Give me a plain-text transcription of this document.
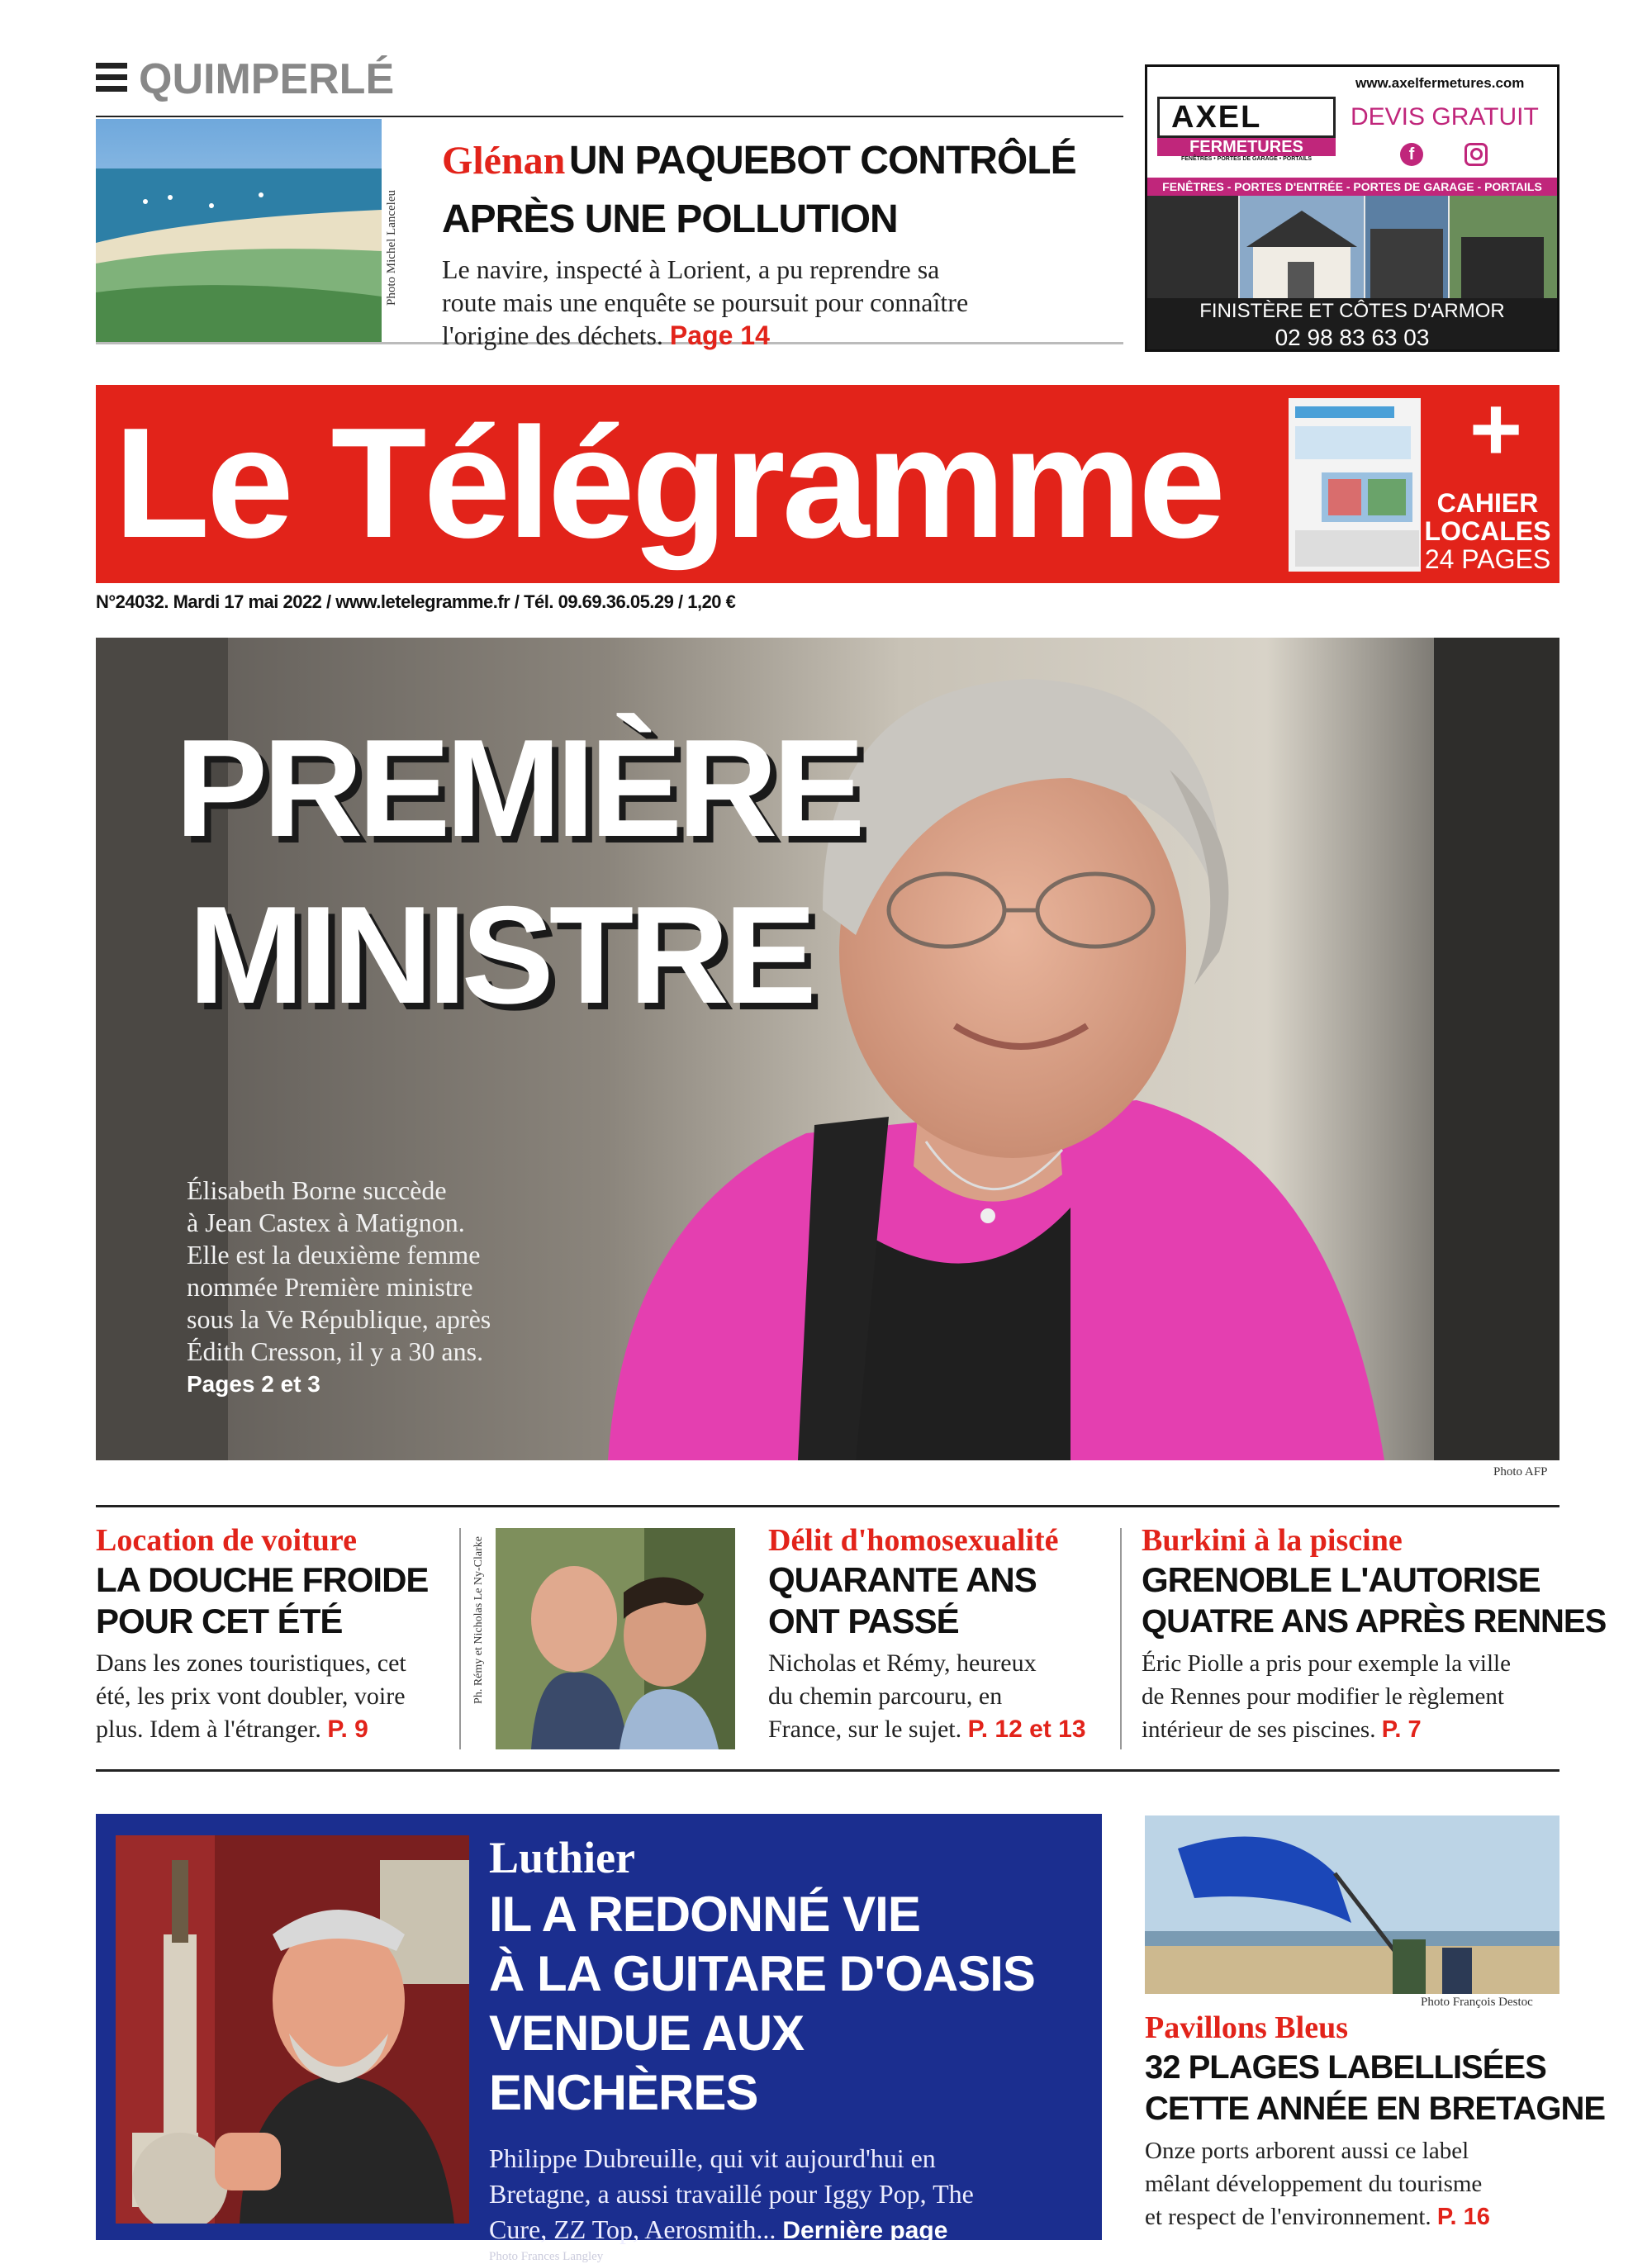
QUIMPERLÉ
Photo Michel Lanceleu
Glénan UN PAQUEBOT CONTRÔLÉ
APRÈS UNE POLLUTION
Le navire, inspecté à Lorient, a pu reprendre sa
route mais une enquête se poursuit pour connaître
l'origine des déchets. Page 14
www.axelfermetures.com
AXEL
FERMETURES
FENÊTRES • PORTES DE GARAGE • PORTAILS
DEVIS GRATUIT
f
FENÊTRES - PORTES D'ENTRÉE - PORTES DE GARAGE - PORTAILS
FINISTÈRE ET CÔTES D'ARMOR
02 98 83 63 03
Le Télégramme	+
CAHIER
LOCALES
24 PAGES
N°24032. Mardi 17 mai 2022 / www.letelegramme.fr / Tél. 09.69.36.05.29 / 1,20 €
PREMIÈRE
MINISTRE
Élisabeth Borne succède
à Jean Castex à Matignon.
Elle est la deuxième femme
nommée Première ministre
sous la Ve République, après
Édith Cresson, il y a 30 ans.
Pages 2 et 3
Photo AFP
Location de voiture
LA DOUCHE FROIDE
POUR CET ÉTÉ
Dans les zones touristiques, cet
été, les prix vont doubler, voire
plus. Idem à l'étranger. P. 9
Ph. Rémy et Nicholas Le Ny-Clarke	Délit d'homosexualité
QUARANTE ANS
ONT PASSÉ
Nicholas et Rémy, heureux
du chemin parcouru, en
France, sur le sujet. P. 12 et 13
Burkini à la piscine
GRENOBLE L'AUTORISE
QUATRE ANS APRÈS RENNES
Éric Piolle a pris pour exemple la ville
de Rennes pour modifier le règlement
intérieur de ses piscines. P. 7
Luthier
IL A REDONNÉ VIE
À LA GUITARE D'OASIS
VENDUE AUX ENCHÈRES
Philippe Dubreuille, qui vit aujourd'hui en
Bretagne, a aussi travaillé pour Iggy Pop, The
Cure, ZZ Top, Aerosmith... Dernière page
Photo Frances Langley
Photo François Destoc
Pavillons Bleus
32 PLAGES LABELLISÉES
CETTE ANNÉE EN BRETAGNE
Onze ports arborent aussi ce label
mêlant développement du tourisme
et respect de l'environnement. P. 16
